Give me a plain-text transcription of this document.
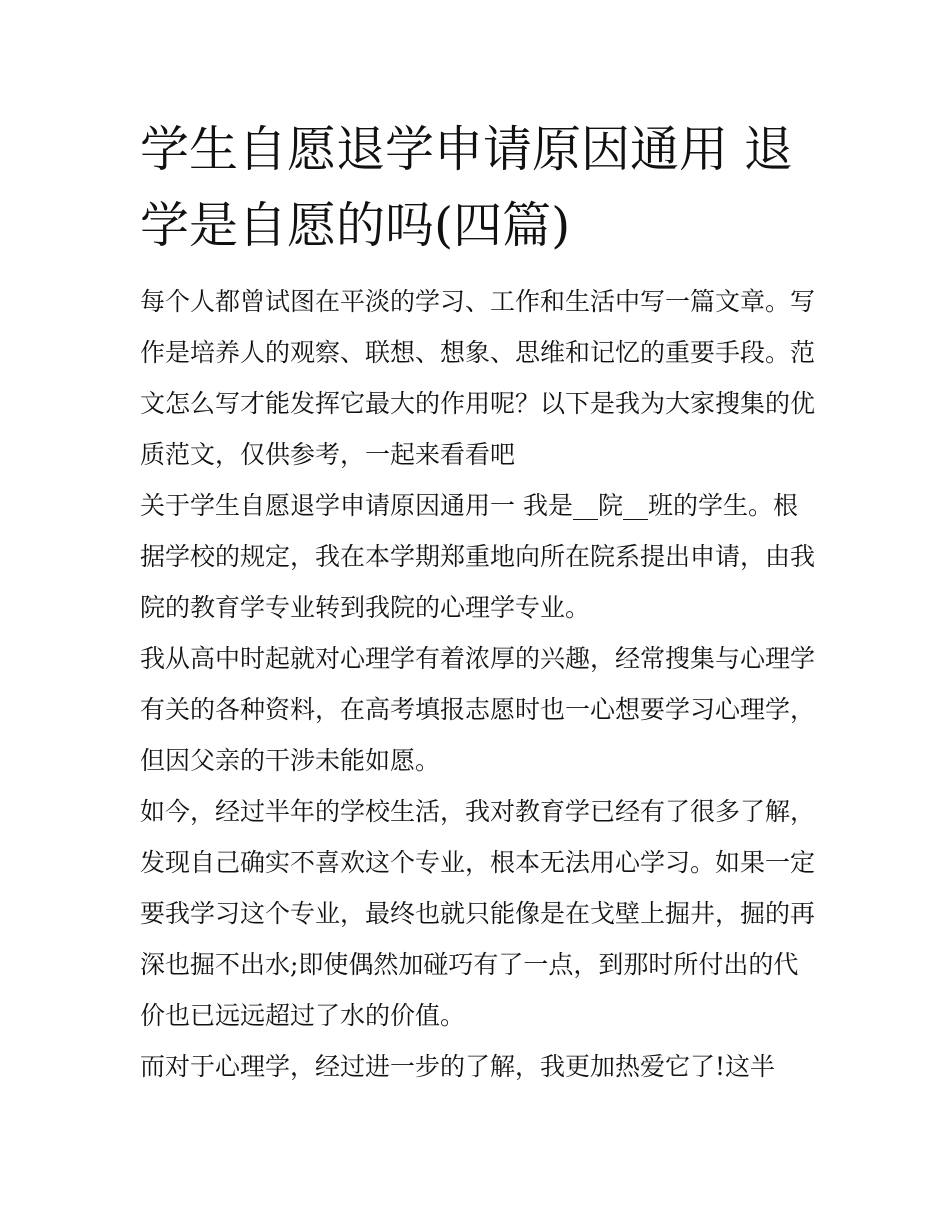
学生自愿退学申请原因通用 退学是自愿的吗(四篇)

每个人都曾试图在平淡的学习、工作和生活中写一篇文章。写作是培养人的观察、联想、想象、思维和记忆的重要手段。范文怎么写才能发挥它最大的作用呢？以下是我为大家搜集的优质范文，仅供参考，一起来看看吧

关于学生自愿退学申请原因通用一 我是__院__班的学生。根据学校的规定，我在本学期郑重地向所在院系提出申请，由我院的教育学专业转到我院的心理学专业。

我从高中时起就对心理学有着浓厚的兴趣，经常搜集与心理学有关的各种资料，在高考填报志愿时也一心想要学习心理学，但因父亲的干涉未能如愿。

如今，经过半年的学校生活，我对教育学已经有了很多了解，发现自己确实不喜欢这个专业，根本无法用心学习。如果一定要我学习这个专业，最终也就只能像是在戈壁上掘井，掘的再深也掘不出水;即使偶然加碰巧有了一点，到那时所付出的代价也已远远超过了水的价值。

而对于心理学，经过进一步的了解，我更加热爱它了!这半
